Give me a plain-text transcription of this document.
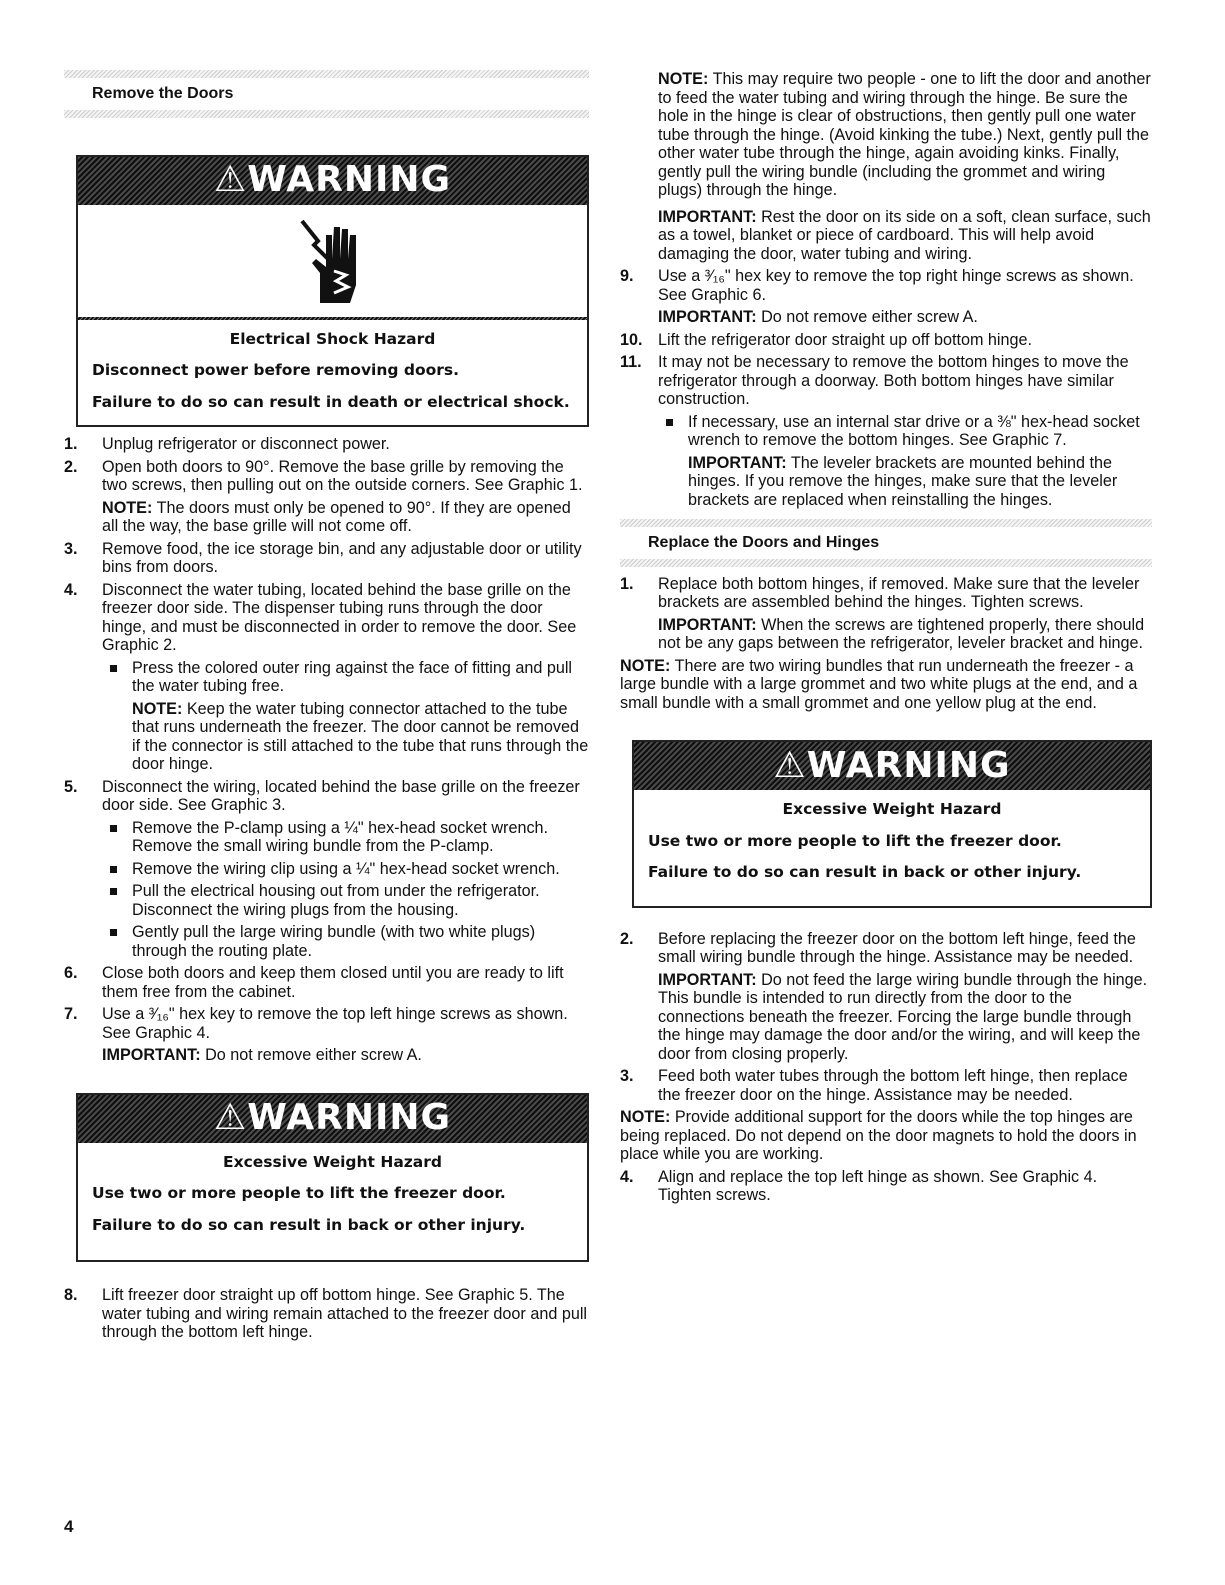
Remove the Doors
⚠WARNING
Electrical Shock Hazard
Disconnect power before removing doors.
Failure to do so can result in death or electrical shock.
1. Unplug refrigerator or disconnect power.
2. Open both doors to 90°. Remove the base grille by removing the two screws, then pulling out on the outside corners. See Graphic 1.
NOTE: The doors must only be opened to 90°. If they are opened all the way, the base grille will not come off.
3. Remove food, the ice storage bin, and any adjustable door or utility bins from doors.
4. Disconnect the water tubing, located behind the base grille on the freezer door side. The dispenser tubing runs through the door hinge, and must be disconnected in order to remove the door. See Graphic 2.
Press the colored outer ring against the face of fitting and pull the water tubing free.
NOTE: Keep the water tubing connector attached to the tube that runs underneath the freezer. The door cannot be removed if the connector is still attached to the tube that runs through the door hinge.
5. Disconnect the wiring, located behind the base grille on the freezer door side. See Graphic 3.
Remove the P-clamp using a ¼" hex-head socket wrench. Remove the small wiring bundle from the P-clamp.
Remove the wiring clip using a ¼" hex-head socket wrench.
Pull the electrical housing out from under the refrigerator. Disconnect the wiring plugs from the housing.
Gently pull the large wiring bundle (with two white plugs) through the routing plate.
6. Close both doors and keep them closed until you are ready to lift them free from the cabinet.
7. Use a ³⁄₁₆" hex key to remove the top left hinge screws as shown. See Graphic 4.
IMPORTANT: Do not remove either screw A.
⚠WARNING
Excessive Weight Hazard
Use two or more people to lift the freezer door.
Failure to do so can result in back or other injury.
8. Lift freezer door straight up off bottom hinge. See Graphic 5. The water tubing and wiring remain attached to the freezer door and pull through the bottom left hinge.
NOTE: This may require two people - one to lift the door and another to feed the water tubing and wiring through the hinge. Be sure the hole in the hinge is clear of obstructions, then gently pull one water tube through the hinge. (Avoid kinking the tube.) Next, gently pull the other water tube through the hinge, again avoiding kinks. Finally, gently pull the wiring bundle (including the grommet and wiring plugs) through the hinge.
IMPORTANT: Rest the door on its side on a soft, clean surface, such as a towel, blanket or piece of cardboard. This will help avoid damaging the door, water tubing and wiring.
9. Use a ³⁄₁₆" hex key to remove the top right hinge screws as shown. See Graphic 6.
IMPORTANT: Do not remove either screw A.
10. Lift the refrigerator door straight up off bottom hinge.
11. It may not be necessary to remove the bottom hinges to move the refrigerator through a doorway. Both bottom hinges have similar construction.
If necessary, use an internal star drive or a ⅜" hex-head socket wrench to remove the bottom hinges. See Graphic 7.
IMPORTANT: The leveler brackets are mounted behind the hinges. If you remove the hinges, make sure that the leveler brackets are replaced when reinstalling the hinges.
Replace the Doors and Hinges
1. Replace both bottom hinges, if removed. Make sure that the leveler brackets are assembled behind the hinges. Tighten screws.
IMPORTANT: When the screws are tightened properly, there should not be any gaps between the refrigerator, leveler bracket and hinge.
NOTE: There are two wiring bundles that run underneath the freezer - a large bundle with a large grommet and two white plugs at the end, and a small bundle with a small grommet and one yellow plug at the end.
⚠WARNING
Excessive Weight Hazard
Use two or more people to lift the freezer door.
Failure to do so can result in back or other injury.
2. Before replacing the freezer door on the bottom left hinge, feed the small wiring bundle through the hinge. Assistance may be needed.
IMPORTANT: Do not feed the large wiring bundle through the hinge. This bundle is intended to run directly from the door to the connections beneath the freezer. Forcing the large bundle through the hinge may damage the door and/or the wiring, and will keep the door from closing properly.
3. Feed both water tubes through the bottom left hinge, then replace the freezer door on the hinge. Assistance may be needed.
NOTE: Provide additional support for the doors while the top hinges are being replaced. Do not depend on the door magnets to hold the doors in place while you are working.
4. Align and replace the top left hinge as shown. See Graphic 4. Tighten screws.
4
